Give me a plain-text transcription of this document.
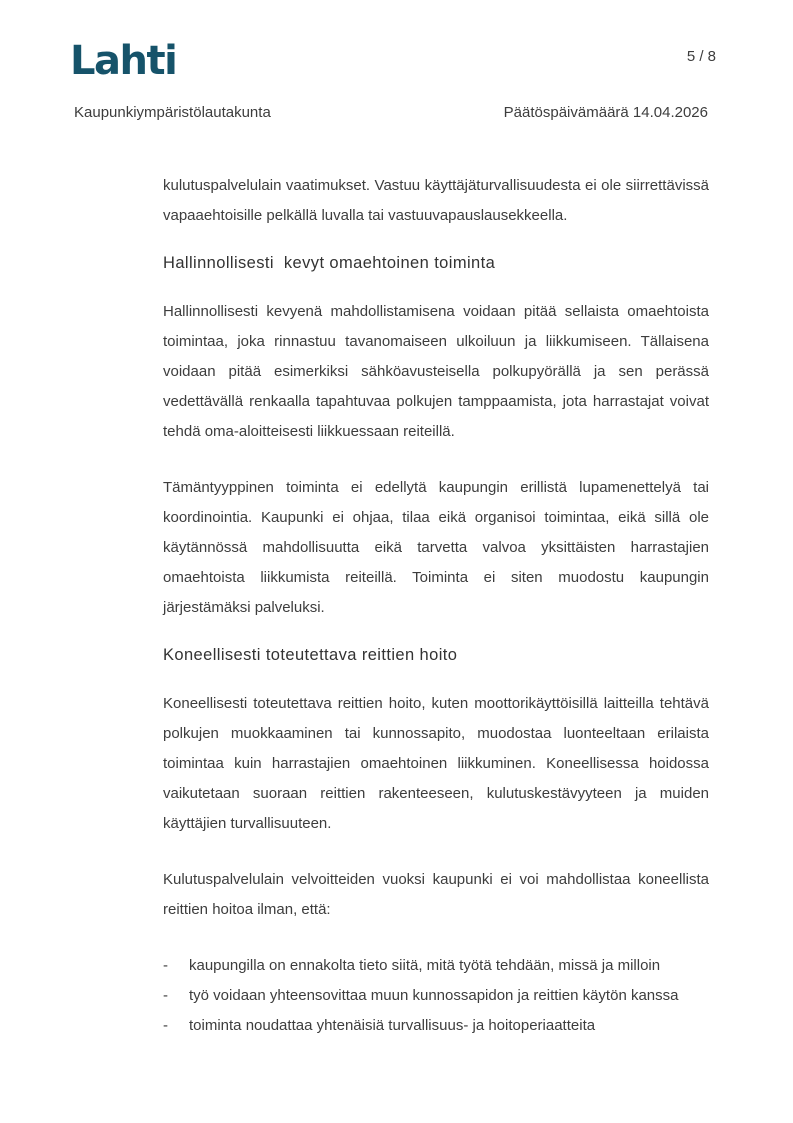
Lahti	5 / 8
Kaupunkiympäristölautakunta	Päätöspäivämäärä 14.04.2026

kulutuspalvelulain vaatimukset. Vastuu käyttäjäturvallisuudesta ei ole siirrettävissä vapaaehtoisille pelkällä luvalla tai vastuuvapauslausekkeella.

Hallinnollisesti  kevyt omaehtoinen toiminta

Hallinnollisesti kevyenä mahdollistamisena voidaan pitää sellaista omaehtoista toimintaa, joka rinnastuu tavanomaiseen ulkoiluun ja liikkumiseen. Tällaisena voidaan pitää esimerkiksi sähköavusteisella polkupyörällä ja sen perässä vedettävällä renkaalla tapahtuvaa polkujen tamppaamista, jota harrastajat voivat tehdä oma-aloitteisesti liikkuessaan reiteillä.

Tämäntyyppinen toiminta ei edellytä kaupungin erillistä lupamenettelyä tai koordinointia. Kaupunki ei ohjaa, tilaa eikä organisoi toimintaa, eikä sillä ole käytännössä mahdollisuutta eikä tarvetta valvoa yksittäisten harrastajien omaehtoista liikkumista reiteillä. Toiminta ei siten muodostu kaupungin järjestämäksi palveluksi.

Koneellisesti toteutettava reittien hoito

Koneellisesti toteutettava reittien hoito, kuten moottorikäyttöisillä laitteilla tehtävä polkujen muokkaaminen tai kunnossapito, muodostaa luonteeltaan erilaista toimintaa kuin harrastajien omaehtoinen liikkuminen. Koneellisessa hoidossa vaikutetaan suoraan reittien rakenteeseen, kulutuskestävyyteen ja muiden käyttäjien turvallisuuteen.

Kulutuspalvelulain velvoitteiden vuoksi kaupunki ei voi mahdollistaa koneellista reittien hoitoa ilman, että:

-	kaupungilla on ennakolta tieto siitä, mitä työtä tehdään, missä ja milloin
-	työ voidaan yhteensovittaa muun kunnossapidon ja reittien käytön kanssa
-	toiminta noudattaa yhtenäisiä turvallisuus- ja hoitoperiaatteita
